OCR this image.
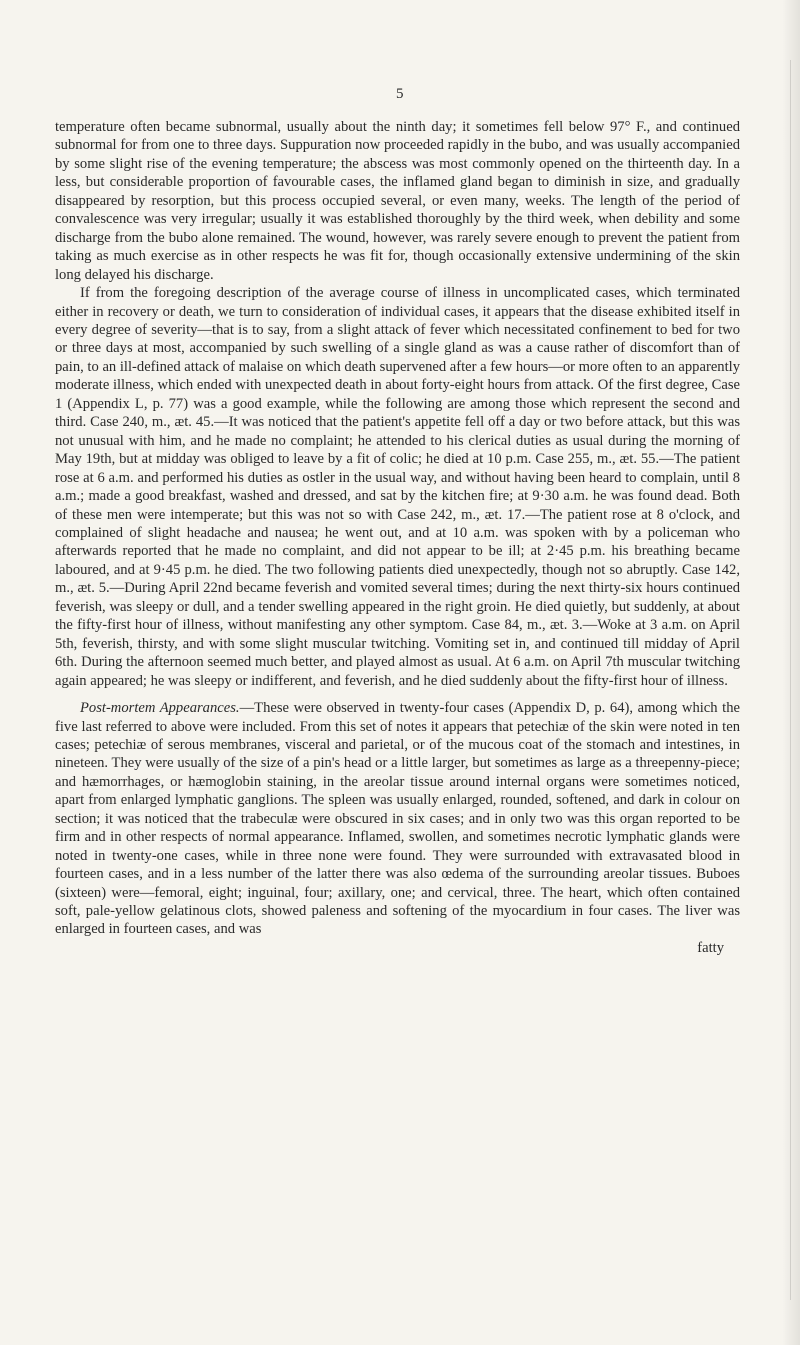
5

temperature often became subnormal, usually about the ninth day; it sometimes fell below 97° F., and continued subnormal for from one to three days. Suppuration now proceeded rapidly in the bubo, and was usually accompanied by some slight rise of the evening temperature; the abscess was most commonly opened on the thirteenth day. In a less, but considerable proportion of favourable cases, the inflamed gland began to diminish in size, and gradually disappeared by resorption, but this process occupied several, or even many, weeks. The length of the period of convalescence was very irregular; usually it was established thoroughly by the third week, when debility and some discharge from the bubo alone remained. The wound, however, was rarely severe enough to prevent the patient from taking as much exercise as in other respects he was fit for, though occasionally extensive undermining of the skin long delayed his discharge.

If from the foregoing description of the average course of illness in uncomplicated cases, which terminated either in recovery or death, we turn to consideration of individual cases, it appears that the disease exhibited itself in every degree of severity—that is to say, from a slight attack of fever which necessitated confinement to bed for two or three days at most, accompanied by such swelling of a single gland as was a cause rather of discomfort than of pain, to an ill-defined attack of malaise on which death supervened after a few hours—or more often to an apparently moderate illness, which ended with unexpected death in about forty-eight hours from attack. Of the first degree, Case 1 (Appendix L, p. 77) was a good example, while the following are among those which represent the second and third. Case 240, m., æt. 45.—It was noticed that the patient's appetite fell off a day or two before attack, but this was not unusual with him, and he made no complaint; he attended to his clerical duties as usual during the morning of May 19th, but at midday was obliged to leave by a fit of colic; he died at 10 p.m. Case 255, m., æt. 55.—The patient rose at 6 a.m. and performed his duties as ostler in the usual way, and without having been heard to complain, until 8 a.m.; made a good breakfast, washed and dressed, and sat by the kitchen fire; at 9·30 a.m. he was found dead. Both of these men were intemperate; but this was not so with Case 242, m., æt. 17.—The patient rose at 8 o'clock, and complained of slight headache and nausea; he went out, and at 10 a.m. was spoken with by a policeman who afterwards reported that he made no complaint, and did not appear to be ill; at 2·45 p.m. his breathing became laboured, and at 9·45 p.m. he died. The two following patients died unexpectedly, though not so abruptly. Case 142, m., æt. 5.—During April 22nd became feverish and vomited several times; during the next thirty-six hours continued feverish, was sleepy or dull, and a tender swelling appeared in the right groin. He died quietly, but suddenly, at about the fifty-first hour of illness, without manifesting any other symptom. Case 84, m., æt. 3.—Woke at 3 a.m. on April 5th, feverish, thirsty, and with some slight muscular twitching. Vomiting set in, and continued till midday of April 6th. During the afternoon seemed much better, and played almost as usual. At 6 a.m. on April 7th muscular twitching again appeared; he was sleepy or indifferent, and feverish, and he died suddenly about the fifty-first hour of illness.

Post-mortem Appearances.—These were observed in twenty-four cases (Appendix D, p. 64), among which the five last referred to above were included. From this set of notes it appears that petechiæ of the skin were noted in ten cases; petechiæ of serous membranes, visceral and parietal, or of the mucous coat of the stomach and intestines, in nineteen. They were usually of the size of a pin's head or a little larger, but sometimes as large as a threepenny-piece; and hæmorrhages, or hæmoglobin staining, in the areolar tissue around internal organs were sometimes noticed, apart from enlarged lymphatic ganglions. The spleen was usually enlarged, rounded, softened, and dark in colour on section; it was noticed that the trabeculæ were obscured in six cases; and in only two was this organ reported to be firm and in other respects of normal appearance. Inflamed, swollen, and sometimes necrotic lymphatic glands were noted in twenty-one cases, while in three none were found. They were surrounded with extravasated blood in fourteen cases, and in a less number of the latter there was also œdema of the surrounding areolar tissues. Buboes (sixteen) were—femoral, eight; inguinal, four; axillary, one; and cervical, three. The heart, which often contained soft, pale-yellow gelatinous clots, showed paleness and softening of the myocardium in four cases. The liver was enlarged in fourteen cases, and was

fatty
